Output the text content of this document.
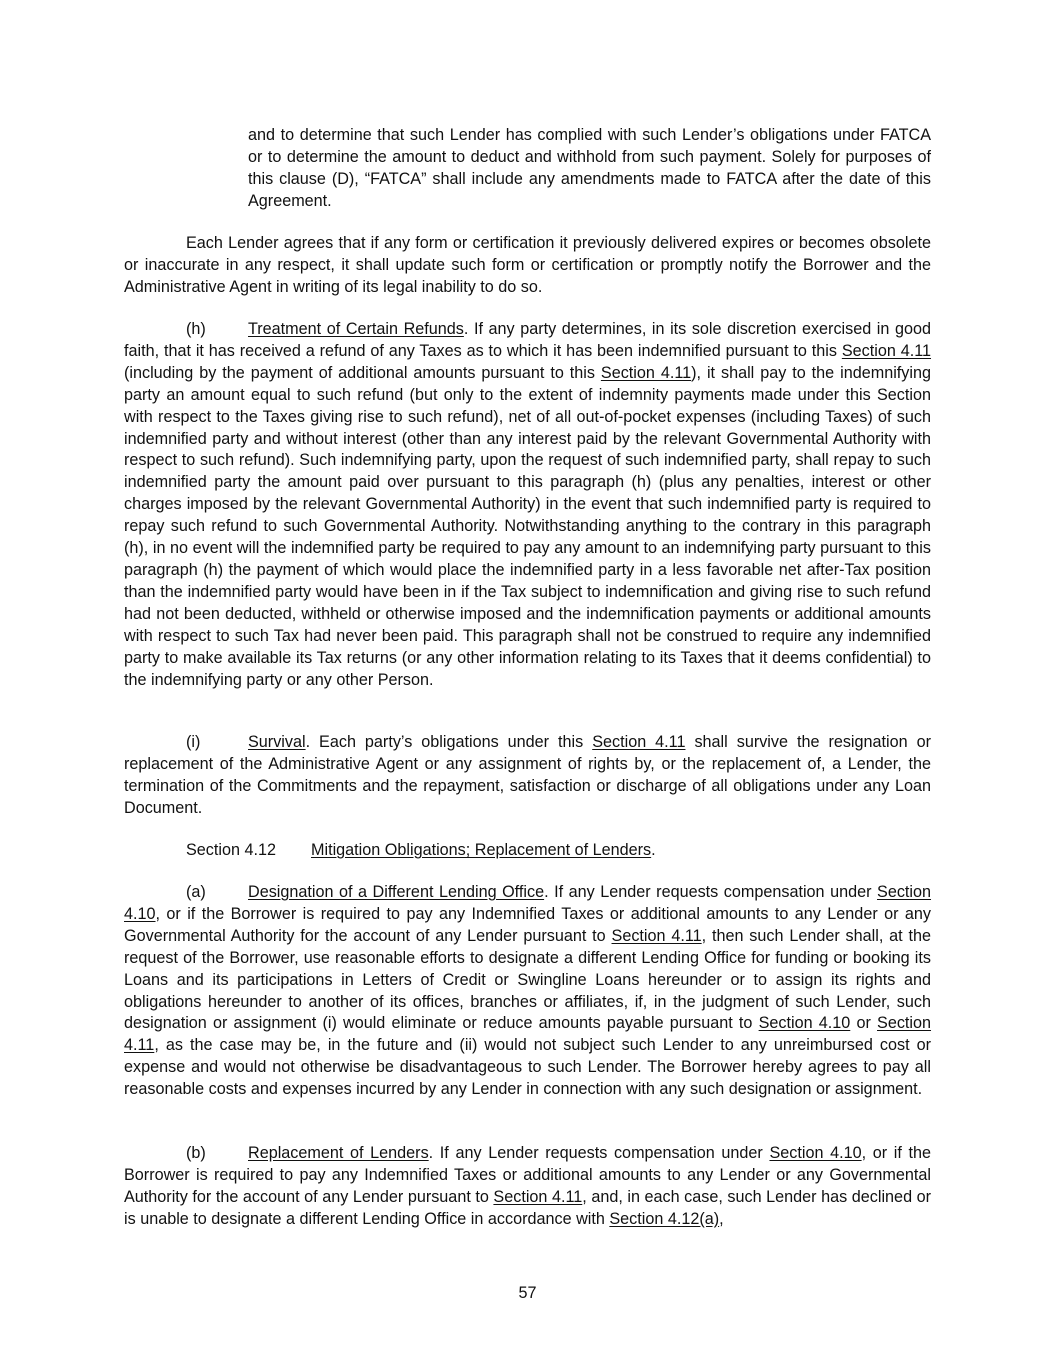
and to determine that such Lender has complied with such Lender’s obligations under FATCA or to determine the amount to deduct and withhold from such payment. Solely for purposes of this clause (D), “FATCA” shall include any amendments made to FATCA after the date of this Agreement.

Each Lender agrees that if any form or certification it previously delivered expires or becomes obsolete or inaccurate in any respect, it shall update such form or certification or promptly notify the Borrower and the Administrative Agent in writing of its legal inability to do so.

(h)	Treatment of Certain Refunds. If any party determines, in its sole discretion exercised in good faith, that it has received a refund of any Taxes as to which it has been indemnified pursuant to this Section 4.11 (including by the payment of additional amounts pursuant to this Section 4.11), it shall pay to the indemnifying party an amount equal to such refund (but only to the extent of indemnity payments made under this Section with respect to the Taxes giving rise to such refund), net of all out-of-pocket expenses (including Taxes) of such indemnified party and without interest (other than any interest paid by the relevant Governmental Authority with respect to such refund). Such indemnifying party, upon the request of such indemnified party, shall repay to such indemnified party the amount paid over pursuant to this paragraph (h) (plus any penalties, interest or other charges imposed by the relevant Governmental Authority) in the event that such indemnified party is required to repay such refund to such Governmental Authority. Notwithstanding anything to the contrary in this paragraph (h), in no event will the indemnified party be required to pay any amount to an indemnifying party pursuant to this paragraph (h) the payment of which would place the indemnified party in a less favorable net after-Tax position than the indemnified party would have been in if the Tax subject to indemnification and giving rise to such refund had not been deducted, withheld or otherwise imposed and the indemnification payments or additional amounts with respect to such Tax had never been paid. This paragraph shall not be construed to require any indemnified party to make available its Tax returns (or any other information relating to its Taxes that it deems confidential) to the indemnifying party or any other Person.

(i)	Survival. Each party’s obligations under this Section 4.11 shall survive the resignation or replacement of the Administrative Agent or any assignment of rights by, or the replacement of, a Lender, the termination of the Commitments and the repayment, satisfaction or discharge of all obligations under any Loan Document.

Section 4.12 Mitigation Obligations; Replacement of Lenders.

(a)	Designation of a Different Lending Office. If any Lender requests compensation under Section 4.10, or if the Borrower is required to pay any Indemnified Taxes or additional amounts to any Lender or any Governmental Authority for the account of any Lender pursuant to Section 4.11, then such Lender shall, at the request of the Borrower, use reasonable efforts to designate a different Lending Office for funding or booking its Loans and its participations in Letters of Credit or Swingline Loans hereunder or to assign its rights and obligations hereunder to another of its offices, branches or affiliates, if, in the judgment of such Lender, such designation or assignment (i) would eliminate or reduce amounts payable pursuant to Section 4.10 or Section 4.11, as the case may be, in the future and (ii) would not subject such Lender to any unreimbursed cost or expense and would not otherwise be disadvantageous to such Lender. The Borrower hereby agrees to pay all reasonable costs and expenses incurred by any Lender in connection with any such designation or assignment.

(b)	Replacement of Lenders. If any Lender requests compensation under Section 4.10, or if the Borrower is required to pay any Indemnified Taxes or additional amounts to any Lender or any Governmental Authority for the account of any Lender pursuant to Section 4.11, and, in each case, such Lender has declined or is unable to designate a different Lending Office in accordance with Section 4.12(a),

57
